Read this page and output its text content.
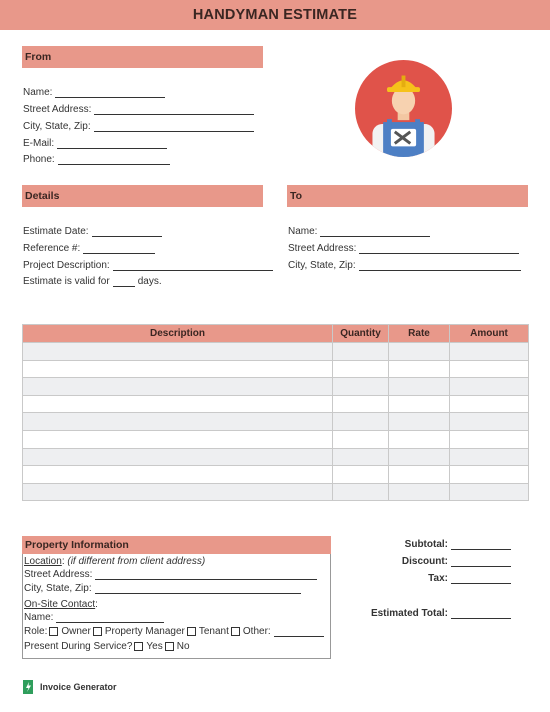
HANDYMAN ESTIMATE
From
Name:
Street Address:
City, State, Zip:
E-Mail:
Phone:
Details
Estimate Date:
Reference #:
Project Description:
Estimate is valid for	days.
To
Name:
Street Address:
City, State, Zip:
Description	Quantity	Rate	Amount

Property Information
Location : (if different from client address)
Street Address:
City, State, Zip:
On-Site Contact :
Name:
Role: Owner Property Manager Tenant Other:
Present During Service? Yes No
Subtotal:
Discount:
Tax:
Estimated Total:
Invoice Generator
